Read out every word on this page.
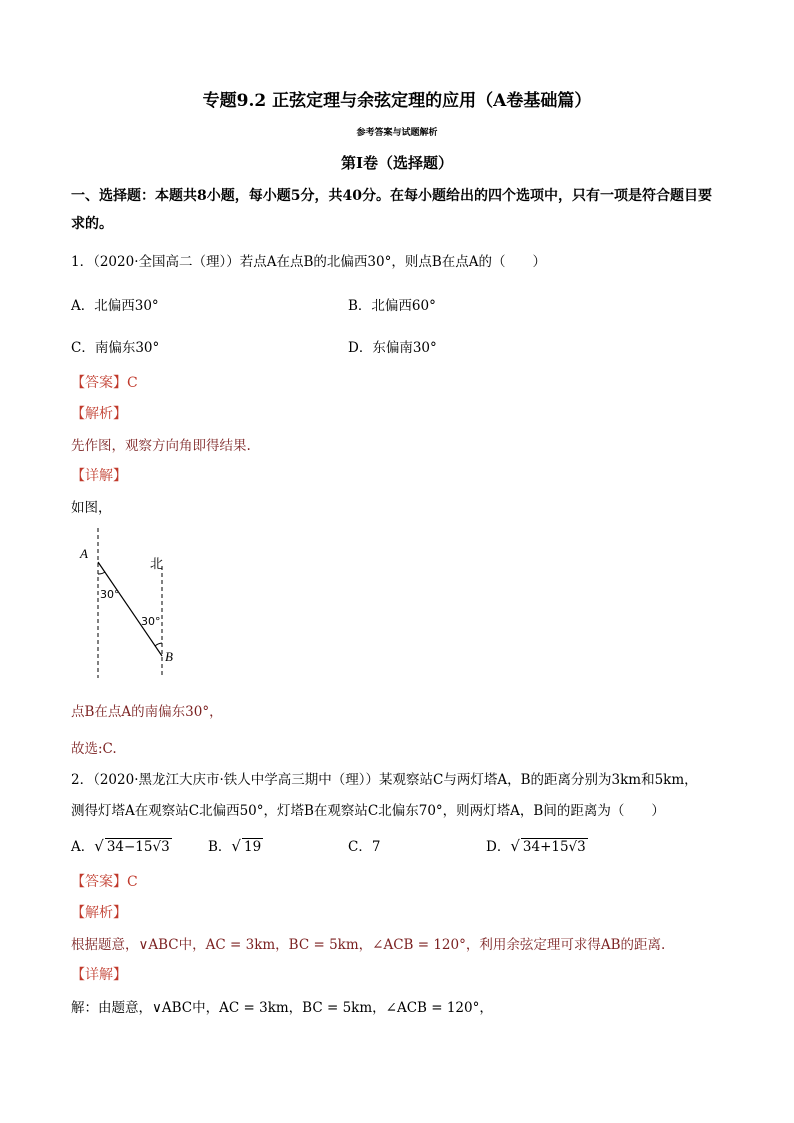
专题9.2 正弦定理与余弦定理的应用（A卷基础篇）
参考答案与试题解析
第Ⅰ卷（选择题）
一、选择题：本题共8小题，每小题5分，共40分。在每小题给出的四个选项中，只有一项是符合题目要
求的。
1．（2020·全国高二（理））若点A在点B的北偏西30°，则点B在点A的（　　）
A．北偏西30°	B．北偏西60°
C．南偏东30°	D．东偏南30°
【答案】C
【解析】
先作图，观察方向角即得结果.
【详解】
如图，
A
B
北
30°
30°
点B在点A的南偏东30°，
故选:C.
2．（2020·黑龙江大庆市·铁人中学高三期中（理））某观察站C与两灯塔A，B的距离分别为3km和5km，
测得灯塔A在观察站C北偏西50°，灯塔B在观察站C北偏东70°，则两灯塔A，B间的距离为（　　）
A．√ 34−15√3	B．√ 19	C．7	D．√ 34+15√3
【答案】C
【解析】
根据题意，∨ABC中，AC = 3km，BC = 5km，∠ACB = 120°，利用余弦定理可求得AB的距离.
【详解】
解：由题意，∨ABC中，AC = 3km，BC = 5km，∠ACB = 120°，
